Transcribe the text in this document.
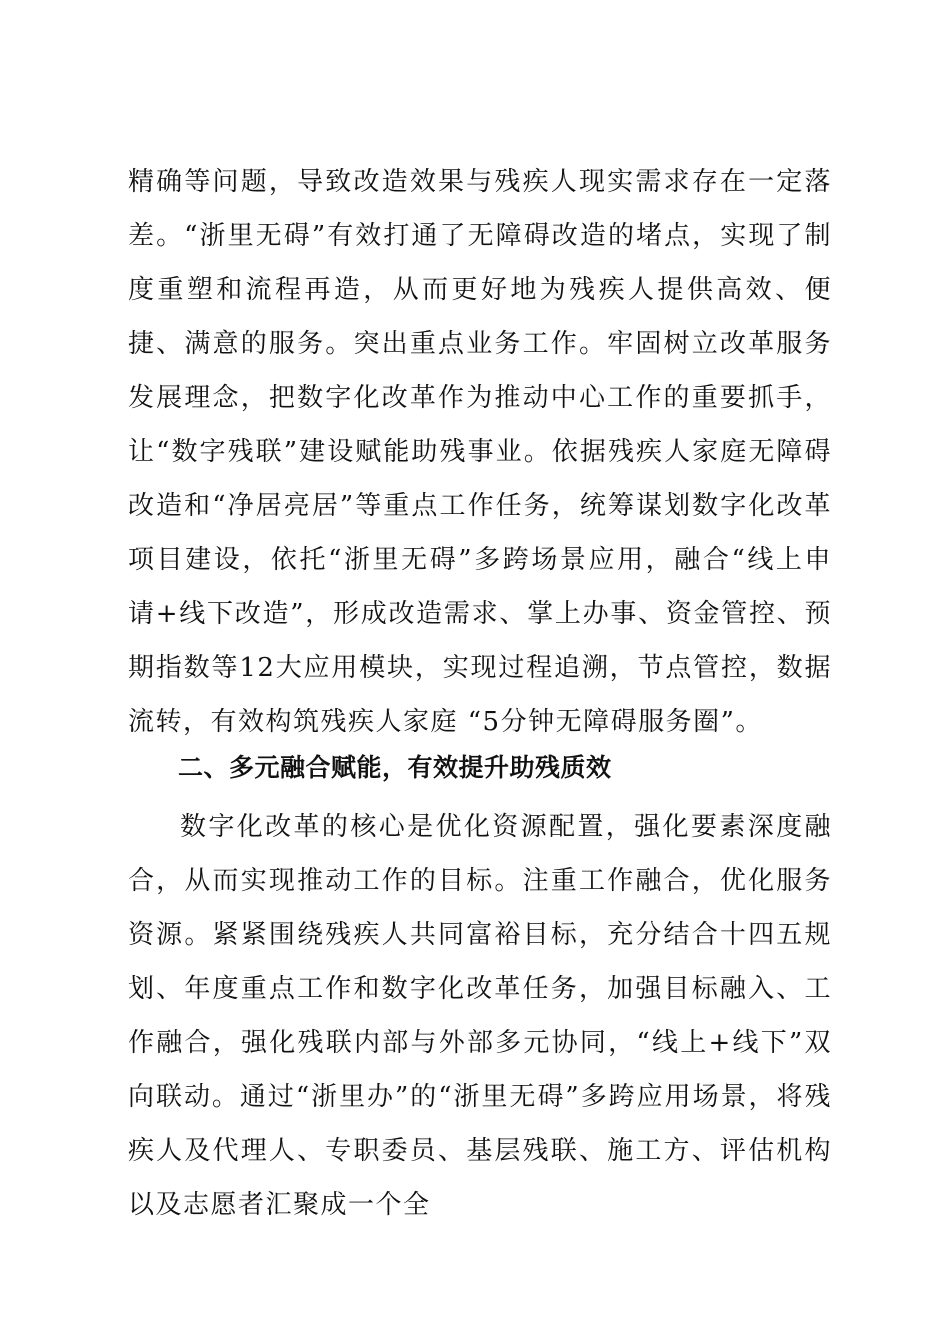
精确等问题，导致改造效果与残疾人现实需求存在一定落差。“浙里无碍”有效打通了无障碍改造的堵点，实现了制度重塑和流程再造，从而更好地为残疾人提供高效、便捷、满意的服务。突出重点业务工作。牢固树立改革服务发展理念，把数字化改革作为推动中心工作的重要抓手，让“数字残联”建设赋能助残事业。依据残疾人家庭无障碍改造和“净居亮居”等重点工作任务，统筹谋划数字化改革项目建设，依托“浙里无碍”多跨场景应用，融合“线上申请+线下改造”，形成改造需求、掌上办事、资金管控、预期指数等12大应用模块，实现过程追溯，节点管控，数据流转，有效构筑残疾人家庭 “5分钟无障碍服务圈”。

二、多元融合赋能，有效提升助残质效

数字化改革的核心是优化资源配置，强化要素深度融合，从而实现推动工作的目标。注重工作融合，优化服务资源。紧紧围绕残疾人共同富裕目标，充分结合十四五规划、年度重点工作和数字化改革任务，加强目标融入、工作融合，强化残联内部与外部多元协同，“线上+线下”双向联动。通过“浙里办”的“浙里无碍”多跨应用场景，将残疾人及代理人、专职委员、基层残联、施工方、评估机构以及志愿者汇聚成一个全
